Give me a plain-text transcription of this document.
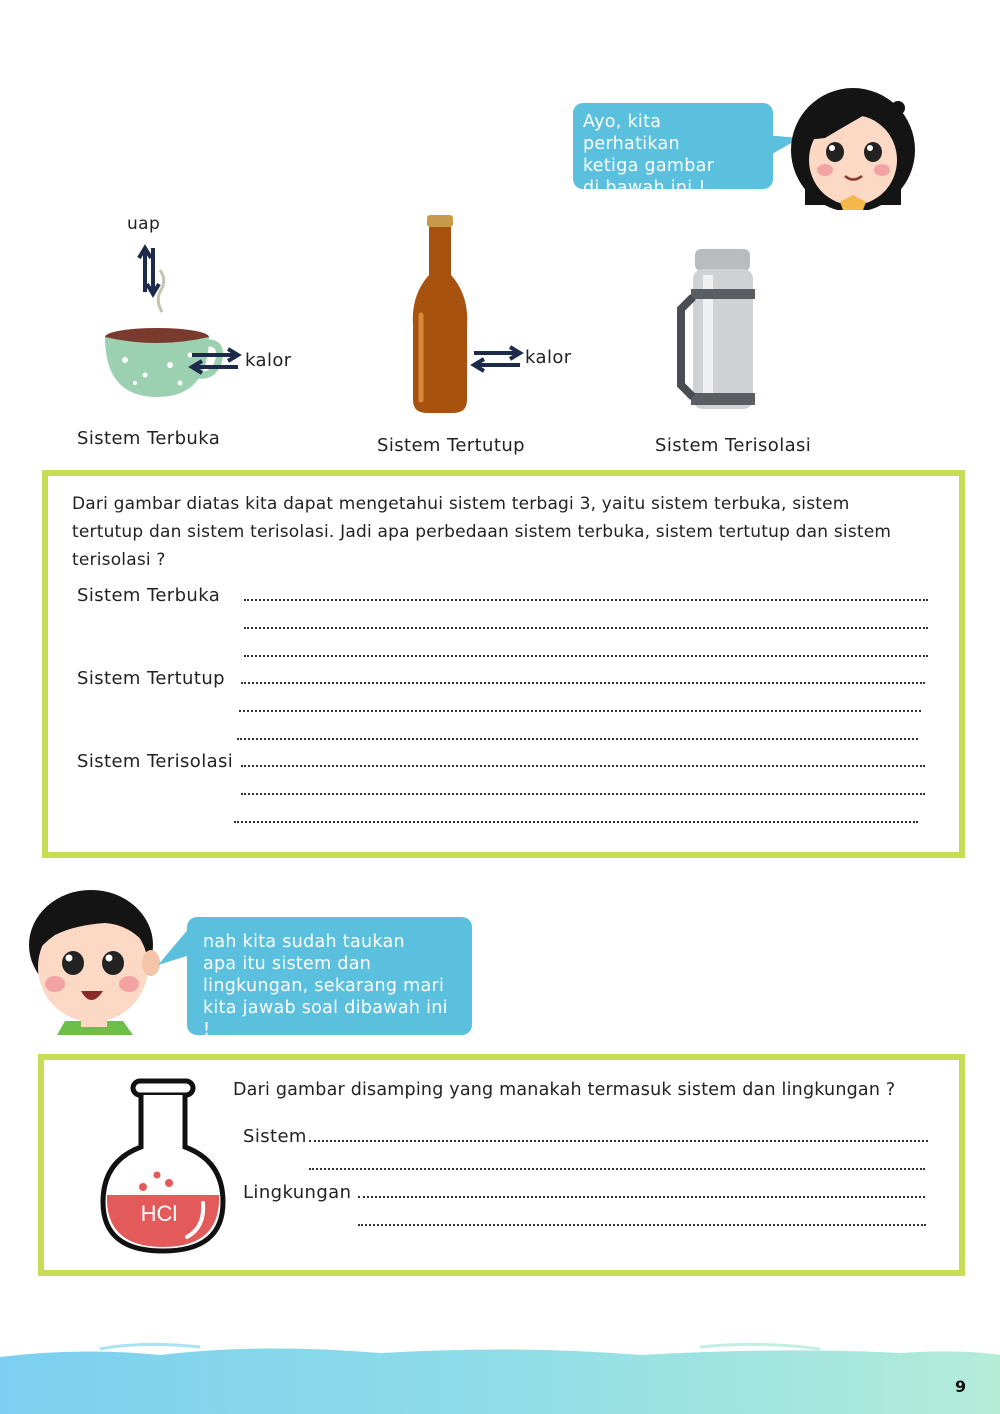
Ayo, kita perhatikan
ketiga gambar
di bawah ini !
uap
kalor
Sistem Terbuka
kalor
Sistem Tertutup	Sistem Terisolasi
Dari gambar diatas kita dapat mengetahui sistem terbagi 3, yaitu sistem terbuka, sistem
tertutup dan sistem terisolasi. Jadi apa perbedaan sistem terbuka, sistem tertutup dan sistem
terisolasi ?
Sistem Terbuka
Sistem Tertutup
Sistem Terisolasi
nah kita sudah taukan
apa itu sistem dan
lingkungan, sekarang mari
kita jawab soal dibawah ini !
HCl
Dari gambar disamping yang manakah termasuk sistem dan lingkungan ?
Sistem
Lingkungan
9
